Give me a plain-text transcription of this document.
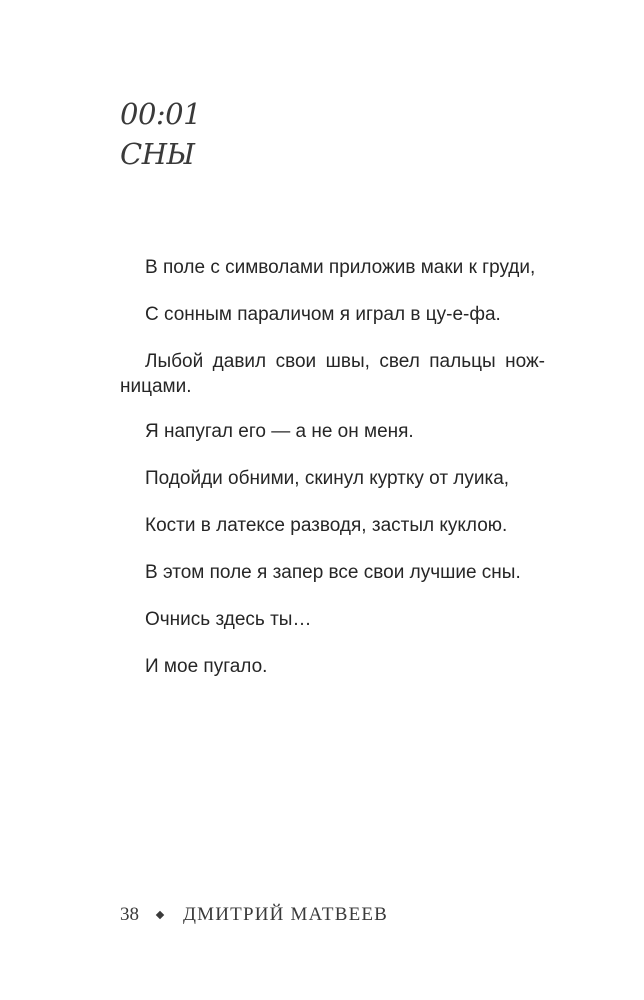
00:01
СНЫ

В поле с символами приложив маки к груди,

С сонным параличом я играл в цу-е-фа.

Лыбой давил свои швы, свел пальцы ножницами.

Я напугал его — а не он меня.

Подойди обними, скинул куртку от луика,

Кости в латексе разводя, застыл куклою.

В этом поле я запер все свои лучшие сны.

Очнись здесь ты…

И мое пугало.

38 ДМИТРИЙ МАТВЕЕВ
